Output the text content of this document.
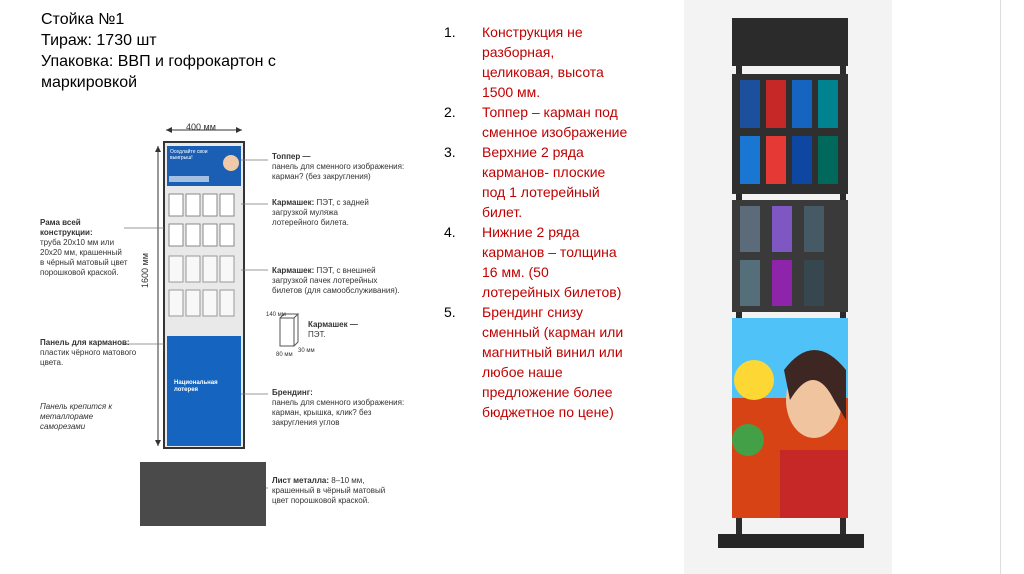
Стойка №1
Тираж: 1730 шт
Упаковка: ВВП и гофрокартон с
маркировкой
400 мм
1600 мм
Оседлайте свои выигрыш!
Национальная лотерея
Топпер —
панель для сменного изображения: карман? (без закругления)
Рама всей конструкции:
труба 20x10 мм или 20x20 мм, крашенный в чёрный матовый цвет порошковой краской.
Кармашек: ПЭТ, с задней загрузкой муляжа лотерейного билета.
Кармашек: ПЭТ, с внешней загрузкой пачек лотерейных билетов (для самообслуживания).
140 мм
80 мм
30 мм
Кармашек —
ПЭТ.
Панель для карманов:
пластик чёрного матового цвета.
Панель крепится к металлораме саморезами
Брендинг:
панель для сменного изображения: карман, крышка, клик? без закругления углов
Лист металла: 8–10 мм, крашенный в чёрный матовый цвет порошковой краской.
1.	Конструкция не
разборная,
целиковая, высота
1500 мм.
2.	Топпер – карман под
сменное изображение
3.	Верхние 2 ряда
карманов- плоские
под 1 лотерейный
билет.
4.	Нижние 2 ряда
карманов – толщина
16 мм. (50
лотерейных билетов)
5.	Брендинг снизу
сменный (карман или
магнитный винил или
любое наше
предложение более
бюджетное по цене)
